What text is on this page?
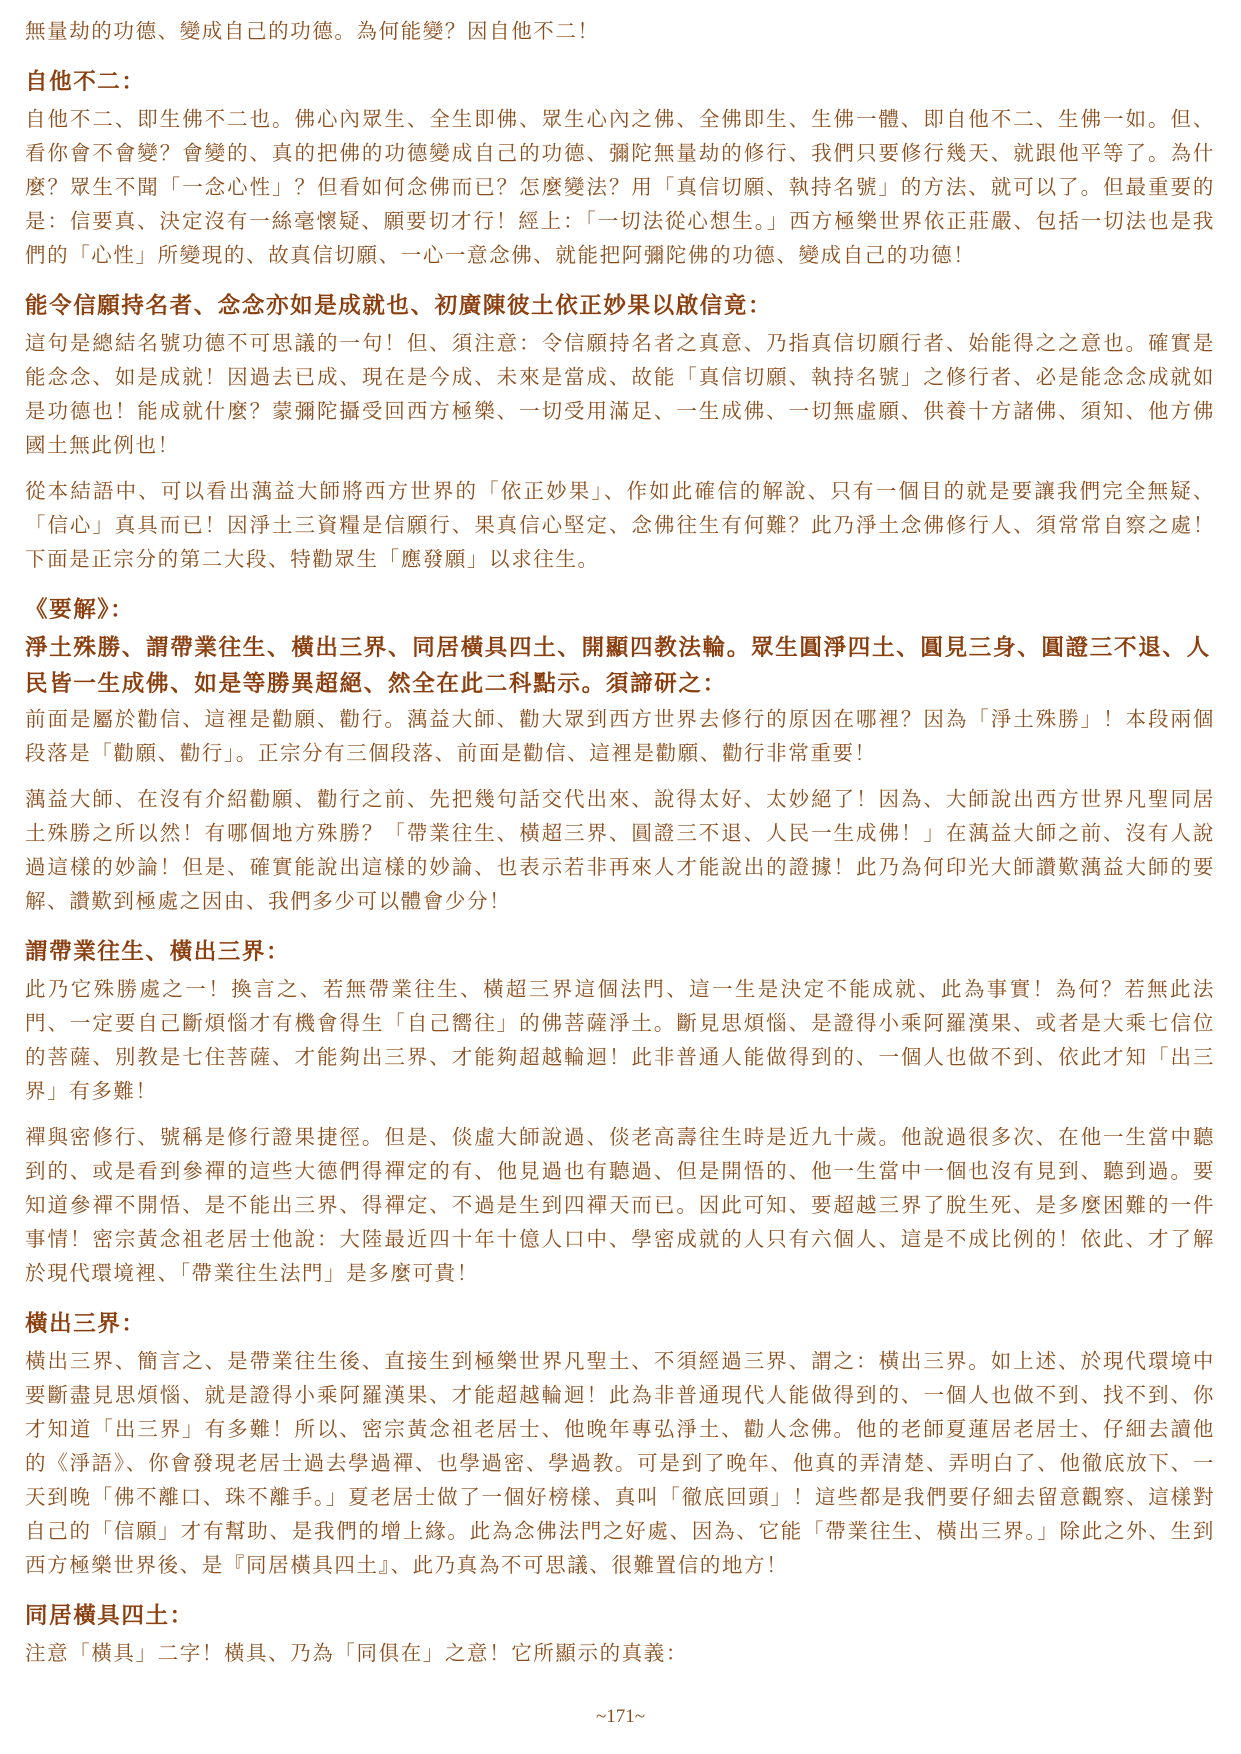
無量劫的功德、變成自己的功德。為何能變？因自他不二！

自他不二：

自他不二、即生佛不二也。佛心內眾生、全生即佛、眾生心內之佛、全佛即生、生佛一體、即自他不二、生佛一如。但、看你會不會變？會變的、真的把佛的功德變成自己的功德、彌陀無量劫的修行、我們只要修行幾天、就跟他平等了。為什麼？眾生不聞「一念心性」？但看如何念佛而已？怎麼變法？用「真信切願、執持名號」的方法、就可以了。但最重要的是：信要真、決定沒有一絲毫懷疑、願要切才行！經上：「一切法從心想生。」西方極樂世界依正莊嚴、包括一切法也是我們的「心性」所變現的、故真信切願、一心一意念佛、就能把阿彌陀佛的功德、變成自己的功德！

能令信願持名者、念念亦如是成就也、初廣陳彼土依正妙果以啟信竟：

這句是總結名號功德不可思議的一句！但、須注意：令信願持名者之真意、乃指真信切願行者、始能得之之意也。確實是能念念、如是成就！因過去已成、現在是今成、未來是當成、故能「真信切願、執持名號」之修行者、必是能念念成就如是功德也！能成就什麼？蒙彌陀攝受回西方極樂、一切受用滿足、一生成佛、一切無虛願、供養十方諸佛、須知、他方佛國土無此例也！

從本結語中、可以看出蕅益大師將西方世界的「依正妙果」、作如此確信的解說、只有一個目的就是要讓我們完全無疑、「信心」真具而已！因淨土三資糧是信願行、果真信心堅定、念佛往生有何難？此乃淨土念佛修行人、須常常自察之處！下面是正宗分的第二大段、特勸眾生「應發願」以求往生。

《要解》：
淨土殊勝、謂帶業往生、橫出三界、同居橫具四土、開顯四教法輪。眾生圓淨四土、圓見三身、圓證三不退、人民皆一生成佛、如是等勝異超絕、然全在此二科點示。須諦研之：

前面是屬於勸信、這裡是勸願、勸行。蕅益大師、勸大眾到西方世界去修行的原因在哪裡？因為「淨土殊勝」！本段兩個段落是「勸願、勸行」。正宗分有三個段落、前面是勸信、這裡是勸願、勸行非常重要！

蕅益大師、在沒有介紹勸願、勸行之前、先把幾句話交代出來、說得太好、太妙絕了！因為、大師說出西方世界凡聖同居土殊勝之所以然！有哪個地方殊勝？「帶業往生、橫超三界、圓證三不退、人民一生成佛！」在蕅益大師之前、沒有人說過這樣的妙論！但是、確實能說出這樣的妙論、也表示若非再來人才能說出的證據！此乃為何印光大師讚歎蕅益大師的要解、讚歎到極處之因由、我們多少可以體會少分！

謂帶業往生、橫出三界：

此乃它殊勝處之一！換言之、若無帶業往生、橫超三界這個法門、這一生是決定不能成就、此為事實！為何？若無此法門、一定要自己斷煩惱才有機會得生「自己嚮往」的佛菩薩淨土。斷見思煩惱、是證得小乘阿羅漢果、或者是大乘七信位的菩薩、別教是七住菩薩、才能夠出三界、才能夠超越輪迴！此非普通人能做得到的、一個人也做不到、依此才知「出三界」有多難！

禪與密修行、號稱是修行證果捷徑。但是、倓虛大師說過、倓老高壽往生時是近九十歲。他說過很多次、在他一生當中聽到的、或是看到參禪的這些大德們得禪定的有、他見過也有聽過、但是開悟的、他一生當中一個也沒有見到、聽到過。要知道參禪不開悟、是不能出三界、得禪定、不過是生到四禪天而已。因此可知、要超越三界了脫生死、是多麼困難的一件事情！密宗黃念祖老居士他說：大陸最近四十年十億人口中、學密成就的人只有六個人、這是不成比例的！依此、才了解於現代環境裡、「帶業往生法門」是多麼可貴！

橫出三界：

橫出三界、簡言之、是帶業往生後、直接生到極樂世界凡聖土、不須經過三界、謂之：橫出三界。如上述、於現代環境中要斷盡見思煩惱、就是證得小乘阿羅漢果、才能超越輪迴！此為非普通現代人能做得到的、一個人也做不到、找不到、你才知道「出三界」有多難！所以、密宗黃念祖老居士、他晚年專弘淨土、勸人念佛。他的老師夏蓮居老居士、仔細去讀他的《淨語》、你會發現老居士過去學過禪、也學過密、學過教。可是到了晚年、他真的弄清楚、弄明白了、他徹底放下、一天到晚「佛不離口、珠不離手。」夏老居士做了一個好榜樣、真叫「徹底回頭」！這些都是我們要仔細去留意觀察、這樣對自己的「信願」才有幫助、是我們的增上緣。此為念佛法門之好處、因為、它能「帶業往生、橫出三界。」除此之外、生到西方極樂世界後、是『同居橫具四土』、此乃真為不可思議、很難置信的地方！

同居橫具四土：

注意「橫具」二字！橫具、乃為「同俱在」之意！它所顯示的真義：

~171~
